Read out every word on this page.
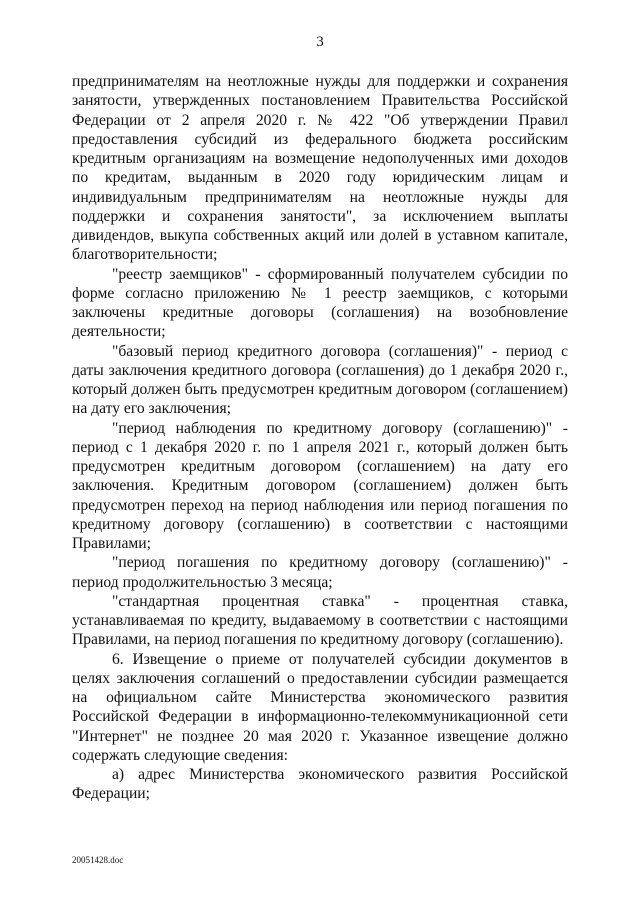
3

предпринимателям на неотложные нужды для поддержки и сохранения занятости, утвержденных постановлением Правительства Российской Федерации от 2 апреля 2020 г. № 422 "Об утверждении Правил предоставления субсидий из федерального бюджета российским кредитным организациям на возмещение недополученных ими доходов по кредитам, выданным в 2020 году юридическим лицам и индивидуальным предпринимателям на неотложные нужды для поддержки и сохранения занятости", за исключением выплаты дивидендов, выкупа собственных акций или долей в уставном капитале, благотворительности;

"реестр заемщиков" - сформированный получателем субсидии по форме согласно приложению № 1 реестр заемщиков, с которыми заключены кредитные договоры (соглашения) на возобновление деятельности;

"базовый период кредитного договора (соглашения)" - период с даты заключения кредитного договора (соглашения) до 1 декабря 2020 г., который должен быть предусмотрен кредитным договором (соглашением) на дату его заключения;

"период наблюдения по кредитному договору (соглашению)" - период с 1 декабря 2020 г. по 1 апреля 2021 г., который должен быть предусмотрен кредитным договором (соглашением) на дату его заключения. Кредитным договором (соглашением) должен быть предусмотрен переход на период наблюдения или период погашения по кредитному договору (соглашению) в соответствии с настоящими Правилами;

"период погашения по кредитному договору (соглашению)" - период продолжительностью 3 месяца;

"стандартная процентная ставка" - процентная ставка, устанавливаемая по кредиту, выдаваемому в соответствии с настоящими Правилами, на период погашения по кредитному договору (соглашению).

6. Извещение о приеме от получателей субсидии документов в целях заключения соглашений о предоставлении субсидии размещается на официальном сайте Министерства экономического развития Российской Федерации в информационно-телекоммуникационной сети "Интернет" не позднее 20 мая 2020 г. Указанное извещение должно содержать следующие сведения:

а) адрес Министерства экономического развития Российской Федерации;

20051428.doc
